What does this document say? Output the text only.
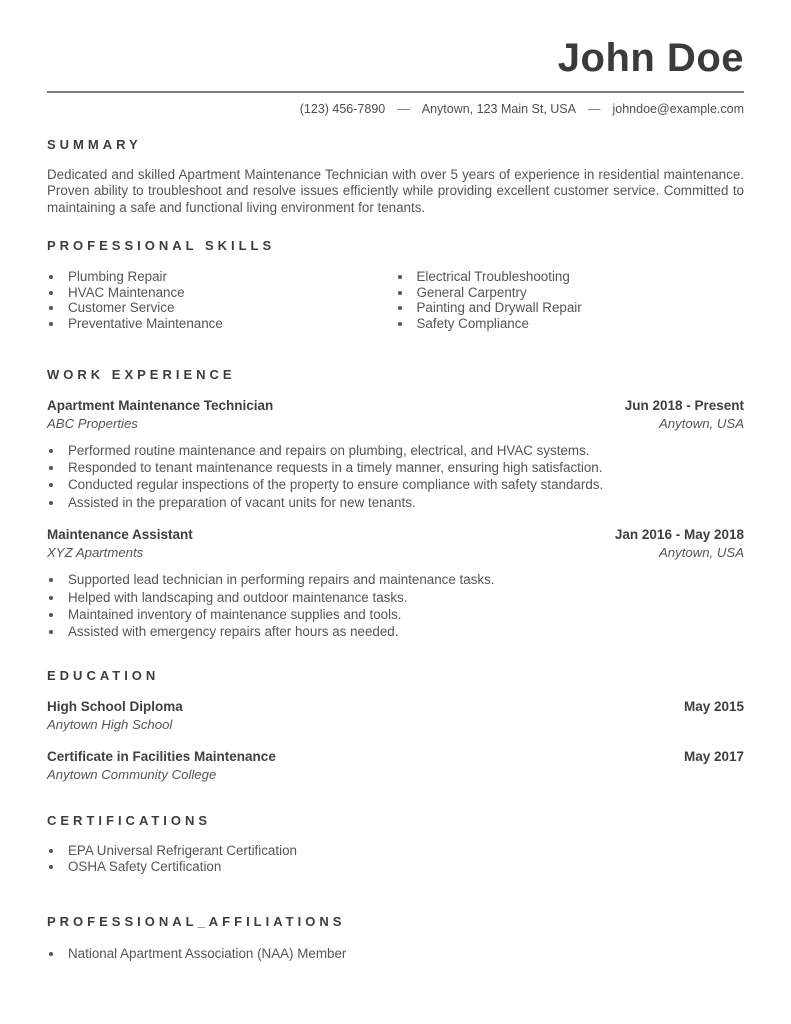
John Doe
(123) 456-7890 — Anytown, 123 Main St, USA — johndoe@example.com
SUMMARY

Dedicated and skilled Apartment Maintenance Technician with over 5 years of experience in residential maintenance. Proven ability to troubleshoot and resolve issues efficiently while providing excellent customer service. Committed to maintaining a safe and functional living environment for tenants.

PROFESSIONAL SKILLS
• Plumbing Repair
• HVAC Maintenance
• Customer Service
• Preventative Maintenance
• Electrical Troubleshooting
• General Carpentry
• Painting and Drywall Repair
• Safety Compliance
WORK EXPERIENCE
Apartment Maintenance Technician
ABC Properties
Jun 2018 - Present
Anytown, USA
• Performed routine maintenance and repairs on plumbing, electrical, and HVAC systems.
• Responded to tenant maintenance requests in a timely manner, ensuring high satisfaction.
• Conducted regular inspections of the property to ensure compliance with safety standards.
• Assisted in the preparation of vacant units for new tenants.
Maintenance Assistant
XYZ Apartments
Jan 2016 - May 2018
Anytown, USA
• Supported lead technician in performing repairs and maintenance tasks.
• Helped with landscaping and outdoor maintenance tasks.
• Maintained inventory of maintenance supplies and tools.
• Assisted with emergency repairs after hours as needed.
EDUCATION
High School Diploma
Anytown High School
May 2015
Certificate in Facilities Maintenance
Anytown Community College
May 2017
CERTIFICATIONS
• EPA Universal Refrigerant Certification
• OSHA Safety Certification
PROFESSIONAL_AFFILIATIONS
• National Apartment Association (NAA) Member
